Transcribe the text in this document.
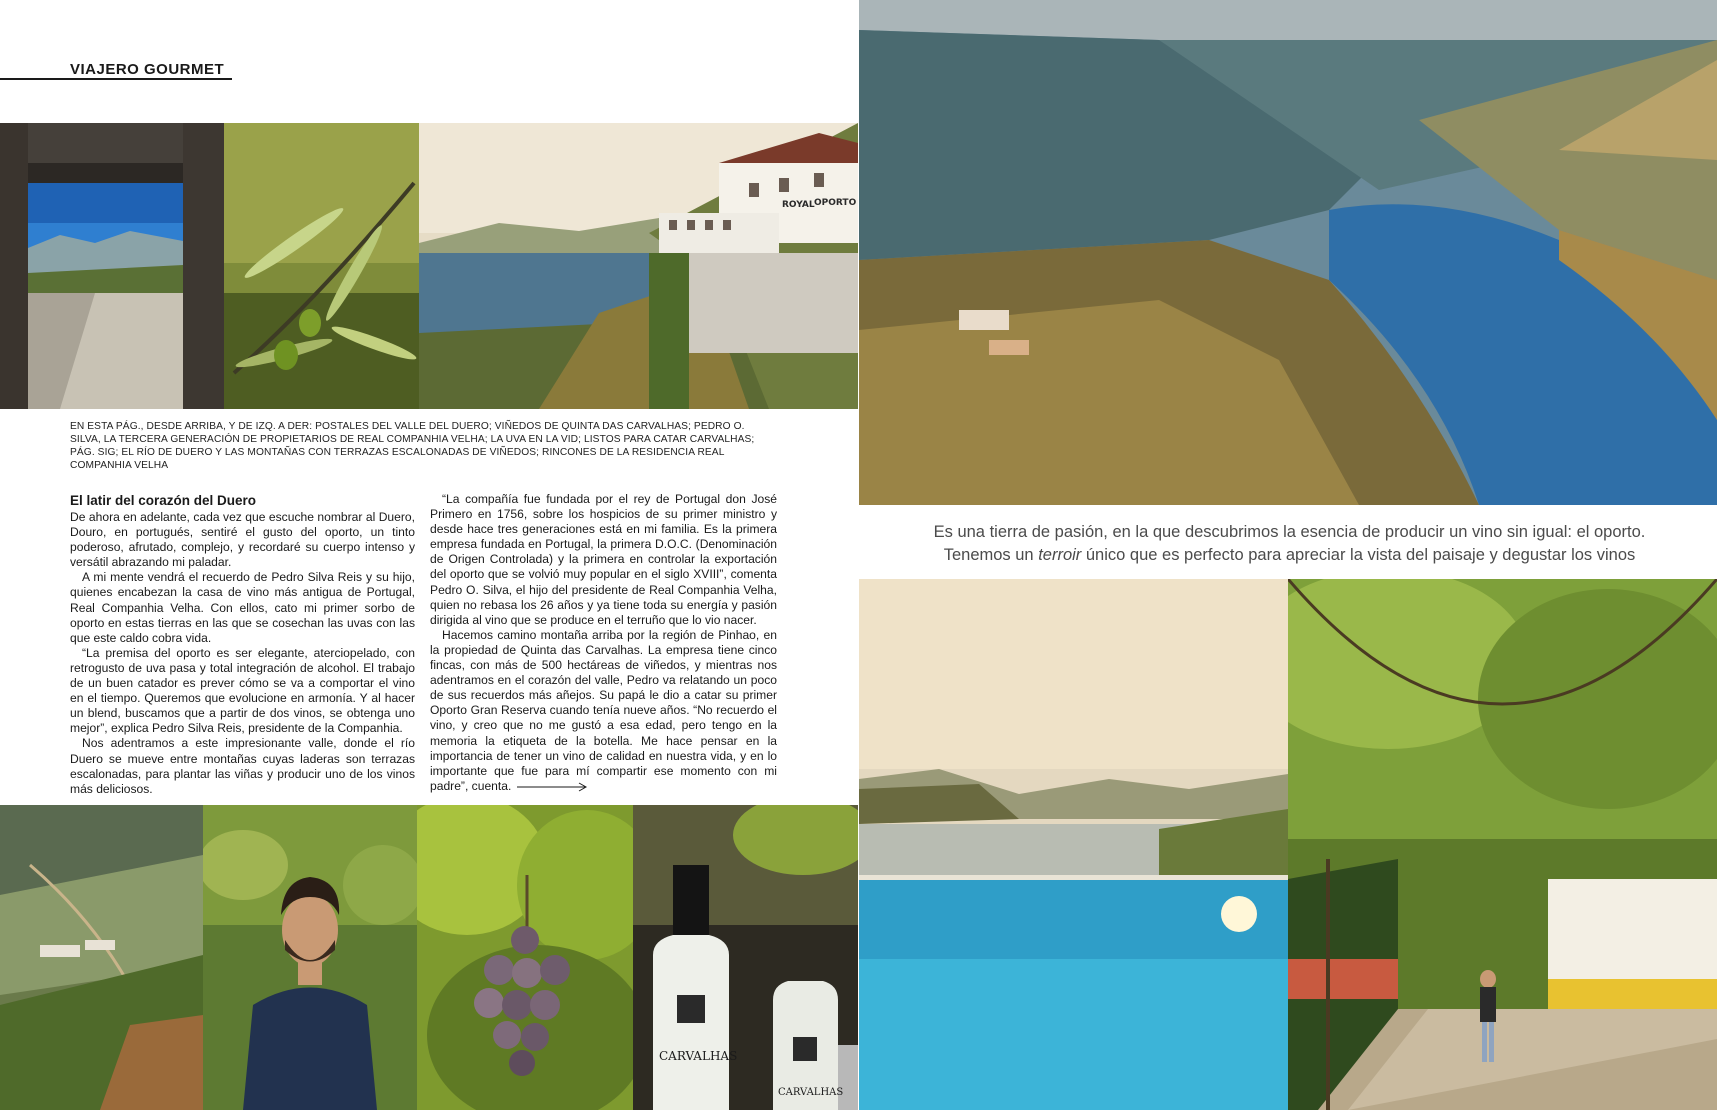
VIAJERO GOURMET
ROYAL OPORTO
EN ESTA PÁG., DESDE ARRIBA, Y DE IZQ. A DER: POSTALES DEL VALLE DEL DUERO; VIÑEDOS DE QUINTA DAS CARVALHAS; PEDRO O. SILVA, LA TERCERA GENERACIÓN DE PROPIETARIOS DE REAL COMPANHIA VELHA; LA UVA EN LA VID; LISTOS PARA CATAR CARVALHAS; PÁG. SIG; EL RÍO DE DUERO Y LAS MONTAÑAS CON TERRAZAS ESCALONADAS DE VIÑEDOS; RINCONES DE LA RESIDENCIA REAL COMPANHIA VELHA
El latir del corazón del Duero

De ahora en adelante, cada vez que escuche nombrar al Duero, Douro, en portugués, sentiré el gusto del oporto, un tinto poderoso, afrutado, complejo, y recordaré su cuerpo intenso y versátil abrazando mi paladar.

A mi mente vendrá el recuerdo de Pedro Silva Reis y su hijo, quienes encabezan la casa de vino más antigua de Portugal, Real Companhia Velha. Con ellos, cato mi primer sorbo de oporto en estas tierras en las que se cosechan las uvas con las que este caldo cobra vida.

“La premisa del oporto es ser elegante, aterciopelado, con retrogusto de uva pasa y total integración de alcohol. El trabajo de un buen catador es prever cómo se va a comportar el vino en el tiempo. Queremos que evolucione en armonía. Y al hacer un blend, buscamos que a partir de dos vinos, se obtenga uno mejor”, explica Pedro Silva Reis, presidente de la Companhia.

Nos adentramos a este impresionante valle, donde el río Duero se mueve entre montañas cuyas laderas son terrazas escalonadas, para plantar las viñas y producir uno de los vinos más deliciosos.

“La compañía fue fundada por el rey de Portugal don José Primero en 1756, sobre los hospicios de su primer ministro y desde hace tres generaciones está en mi familia. Es la primera empresa fundada en Portugal, la primera D.O.C. (Denominación de Origen Controlada) y la primera en controlar la exportación del oporto que se volvió muy popular en el siglo XVIII”, comenta Pedro O. Silva, el hijo del presidente de Real Companhia Velha, quien no rebasa los 26 años y ya tiene toda su energía y pasión dirigida al vino que se produce en el terruño que lo vio nacer.

Hacemos camino montaña arriba por la región de Pinhao, en la propiedad de Quinta das Carvalhas. La empresa tiene cinco fincas, con más de 500 hectáreas de viñedos, y mientras nos adentramos en el corazón del valle, Pedro va relatando un poco de sus recuerdos más añejos. Su papá le dio a catar su primer Oporto Gran Reserva cuando tenía nueve años. “No recuerdo el vino, y creo que no me gustó a esa edad, pero tengo en la memoria la etiqueta de la botella. Me hace pensar en la importancia de tener un vino de calidad en nuestra vida, y en lo importante que fue para mí compartir ese momento con mi padre”, cuenta.

CARVALHAS
CARVALHAS
Es una tierra de pasión, en la que descubrimos la esencia de producir un vino sin igual: el oporto.
Tenemos un terroir único que es perfecto para apreciar la vista del paisaje y degustar los vinos
